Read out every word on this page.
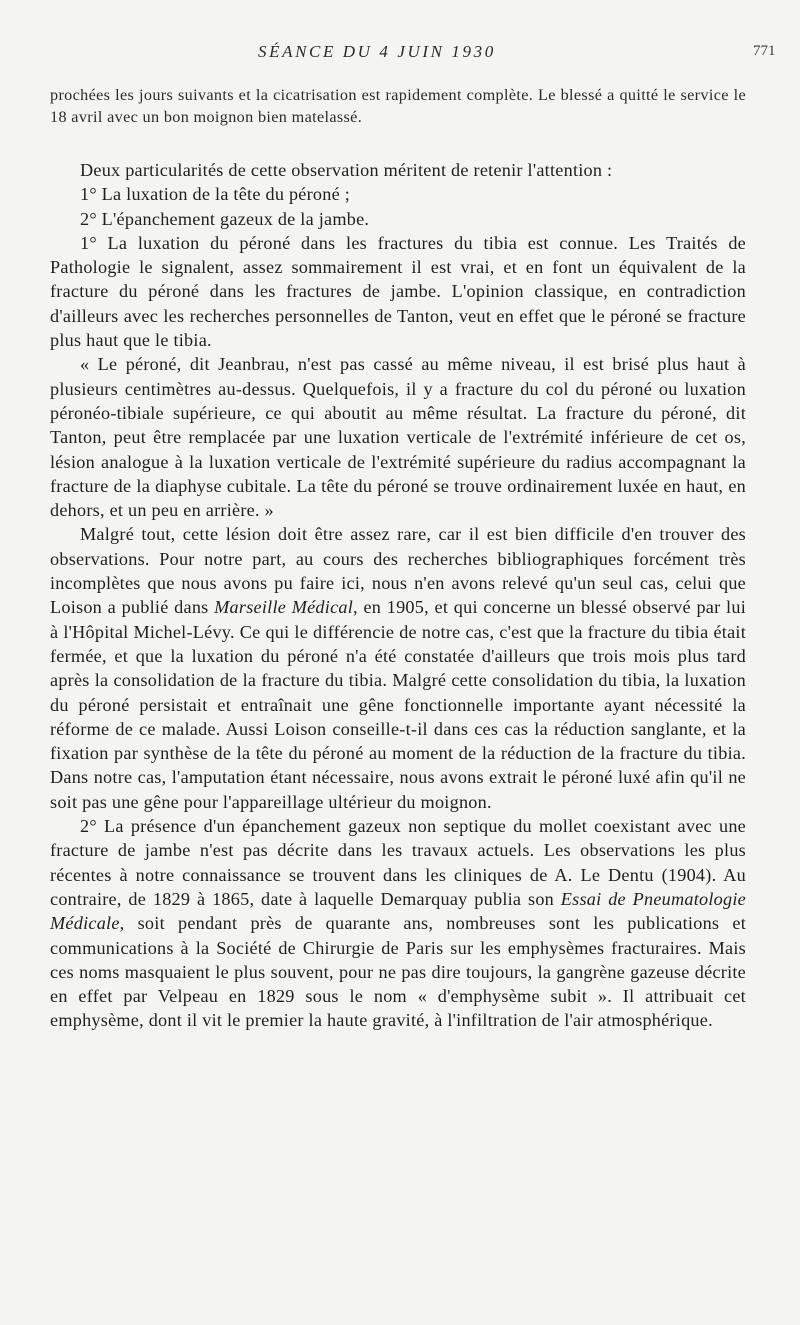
SÉANCE DU 4 JUIN 1930	771

prochées les jours suivants et la cicatrisation est rapidement complète. Le blessé a quitté le service le 18 avril avec un bon moignon bien matelassé.

Deux particularités de cette observation méritent de retenir l'attention :

1° La luxation de la tête du péroné ;

2° L'épanchement gazeux de la jambe.

1° La luxation du péroné dans les fractures du tibia est connue. Les Traités de Pathologie le signalent, assez sommairement il est vrai, et en font un équivalent de la fracture du péroné dans les fractures de jambe. L'opinion classique, en contradiction d'ailleurs avec les recherches personnelles de Tanton, veut en effet que le péroné se fracture plus haut que le tibia.

« Le péroné, dit Jeanbrau, n'est pas cassé au même niveau, il est brisé plus haut à plusieurs centimètres au-dessus. Quelquefois, il y a fracture du col du péroné ou luxation péronéo-tibiale supérieure, ce qui aboutit au même résultat. La fracture du péroné, dit Tanton, peut être remplacée par une luxation verticale de l'extrémité inférieure de cet os, lésion analogue à la luxation verticale de l'extrémité supérieure du radius accompagnant la fracture de la diaphyse cubitale. La tête du péroné se trouve ordinairement luxée en haut, en dehors, et un peu en arrière. »

Malgré tout, cette lésion doit être assez rare, car il est bien difficile d'en trouver des observations. Pour notre part, au cours des recherches bibliographiques forcément très incomplètes que nous avons pu faire ici, nous n'en avons relevé qu'un seul cas, celui que Loison a publié dans Marseille Médical, en 1905, et qui concerne un blessé observé par lui à l'Hôpital Michel-Lévy. Ce qui le différencie de notre cas, c'est que la fracture du tibia était fermée, et que la luxation du péroné n'a été constatée d'ailleurs que trois mois plus tard après la consolidation de la fracture du tibia. Malgré cette consolidation du tibia, la luxation du péroné persistait et entraînait une gêne fonctionnelle importante ayant nécessité la réforme de ce malade. Aussi Loison conseille-t-il dans ces cas la réduction sanglante, et la fixation par synthèse de la tête du péroné au moment de la réduction de la fracture du tibia. Dans notre cas, l'amputation étant nécessaire, nous avons extrait le péroné luxé afin qu'il ne soit pas une gêne pour l'appareillage ultérieur du moignon.

2° La présence d'un épanchement gazeux non septique du mollet coexistant avec une fracture de jambe n'est pas décrite dans les travaux actuels. Les observations les plus récentes à notre connaissance se trouvent dans les cliniques de A. Le Dentu (1904). Au contraire, de 1829 à 1865, date à laquelle Demarquay publia son Essai de Pneumatologie Médicale, soit pendant près de quarante ans, nombreuses sont les publications et communications à la Société de Chirurgie de Paris sur les emphysèmes fracturaires. Mais ces noms masquaient le plus souvent, pour ne pas dire toujours, la gangrène gazeuse décrite en effet par Velpeau en 1829 sous le nom « d'emphysème subit ». Il attribuait cet emphysème, dont il vit le premier la haute gravité, à l'infiltration de l'air atmosphérique.
